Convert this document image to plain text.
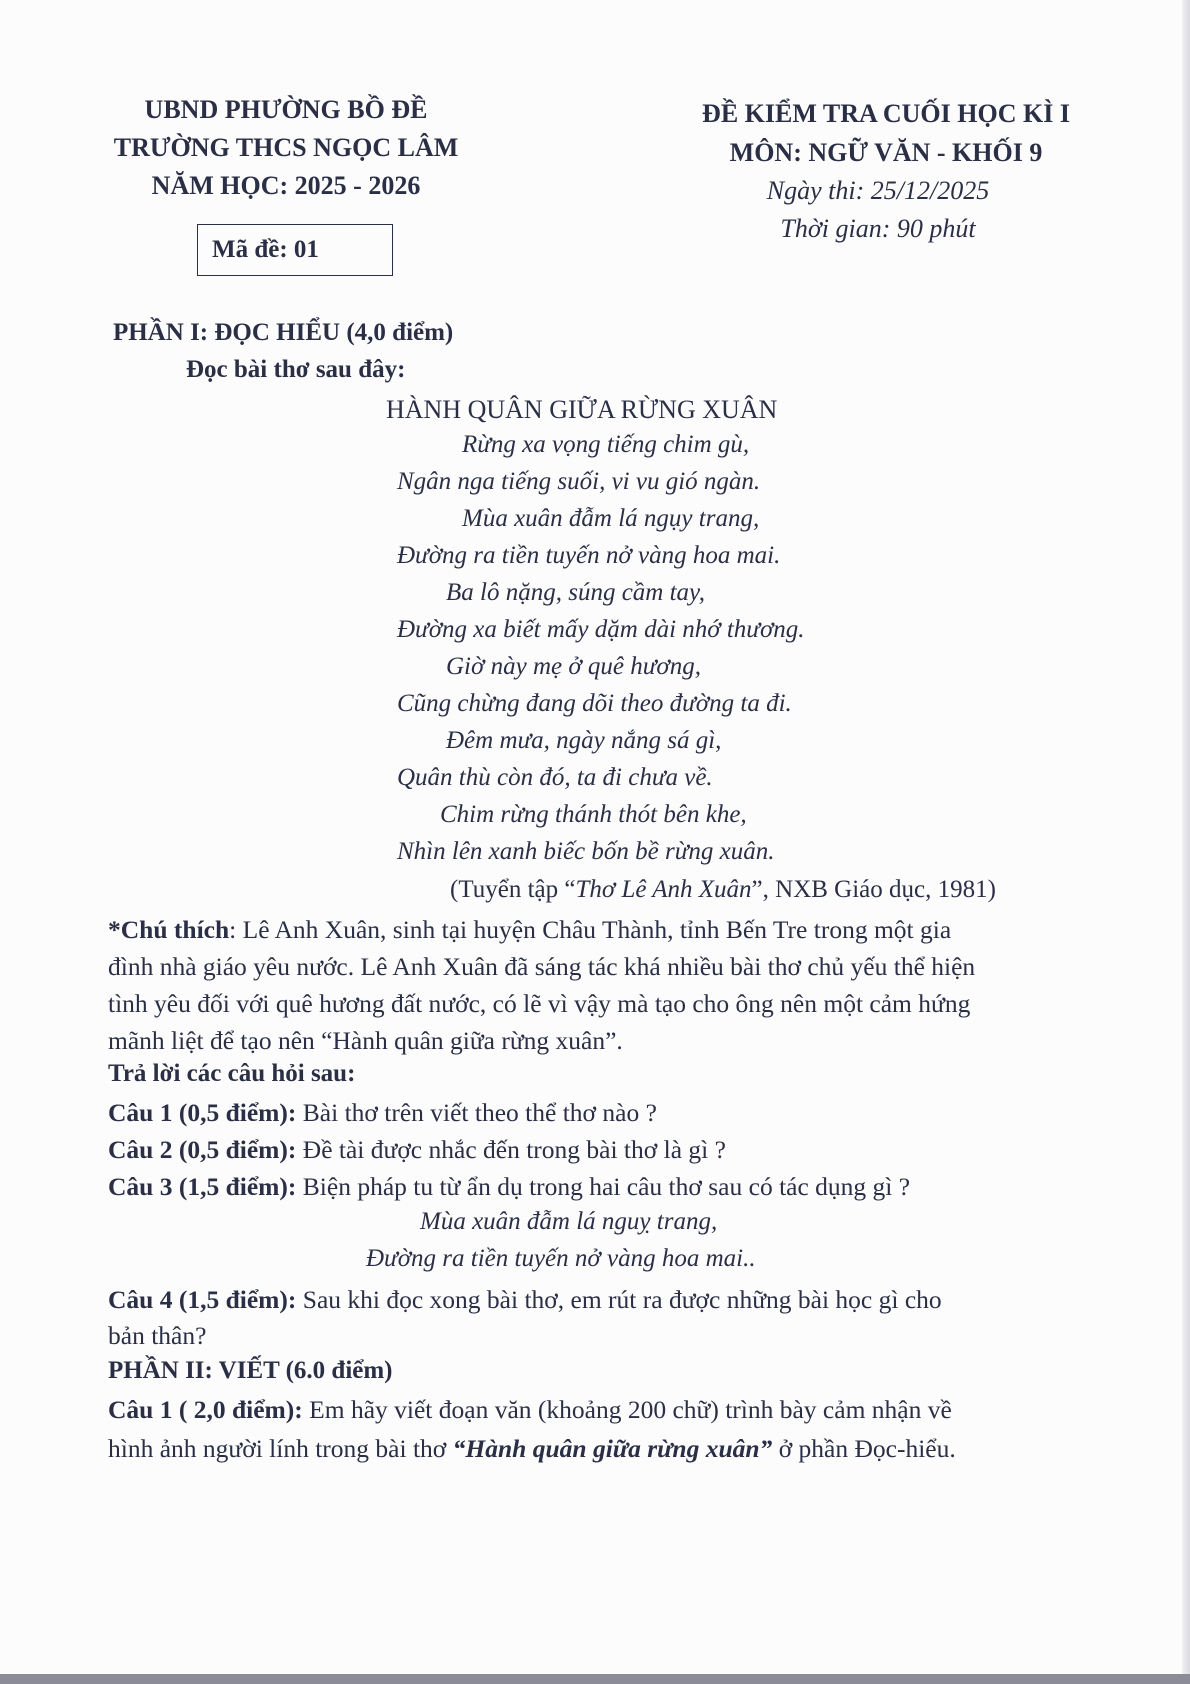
UBND PHƯỜNG BỒ ĐỀ
TRƯỜNG THCS NGỌC LÂM
NĂM HỌC: 2025 - 2026
Mã đề: 01
ĐỀ KIỂM TRA CUỐI HỌC KÌ I
MÔN: NGỮ VĂN - KHỐI 9
Ngày thi: 25/12/2025
Thời gian: 90 phút
PHẦN I: ĐỌC HIỂU (4,0 điểm)
Đọc bài thơ sau đây:
HÀNH QUÂN GIỮA RỪNG XUÂN
Rừng xa vọng tiếng chim gù,
Ngân nga tiếng suối, vi vu gió ngàn.
Mùa xuân đẫm lá ngụy trang,
Đường ra tiền tuyến nở vàng hoa mai.
Ba lô nặng, súng cầm tay,
Đường xa biết mấy dặm dài nhớ thương.
Giờ này mẹ ở quê hương,
Cũng chừng đang dõi theo đường ta đi.
Đêm mưa, ngày nắng sá gì,
Quân thù còn đó, ta đi chưa về.
Chim rừng thánh thót bên khe,
Nhìn lên xanh biếc bốn bề rừng xuân.
(Tuyển tập “Thơ Lê Anh Xuân”, NXB Giáo dục, 1981)
*Chú thích: Lê Anh Xuân, sinh tại huyện Châu Thành, tỉnh Bến Tre trong một gia
đình nhà giáo yêu nước. Lê Anh Xuân đã sáng tác khá nhiều bài thơ chủ yếu thể hiện
tình yêu đối với quê hương đất nước, có lẽ vì vậy mà tạo cho ông nên một cảm hứng
mãnh liệt để tạo nên “Hành quân giữa rừng xuân”.
Trả lời các câu hỏi sau:
Câu 1 (0,5 điểm): Bài thơ trên viết theo thể thơ nào ?
Câu 2 (0,5 điểm): Đề tài được nhắc đến trong bài thơ là gì ?
Câu 3 (1,5 điểm): Biện pháp tu từ ẩn dụ trong hai câu thơ sau có tác dụng gì ?
Mùa xuân đẫm lá nguỵ trang,
Đường ra tiền tuyến nở vàng hoa mai..
Câu 4 (1,5 điểm): Sau khi đọc xong bài thơ, em rút ra được những bài học gì cho
bản thân?
PHẦN II: VIẾT (6.0 điểm)
Câu 1 ( 2,0 điểm): Em hãy viết đoạn văn (khoảng 200 chữ) trình bày cảm nhận về
hình ảnh người lính trong bài thơ “Hành quân giữa rừng xuân” ở phần Đọc-hiểu.
